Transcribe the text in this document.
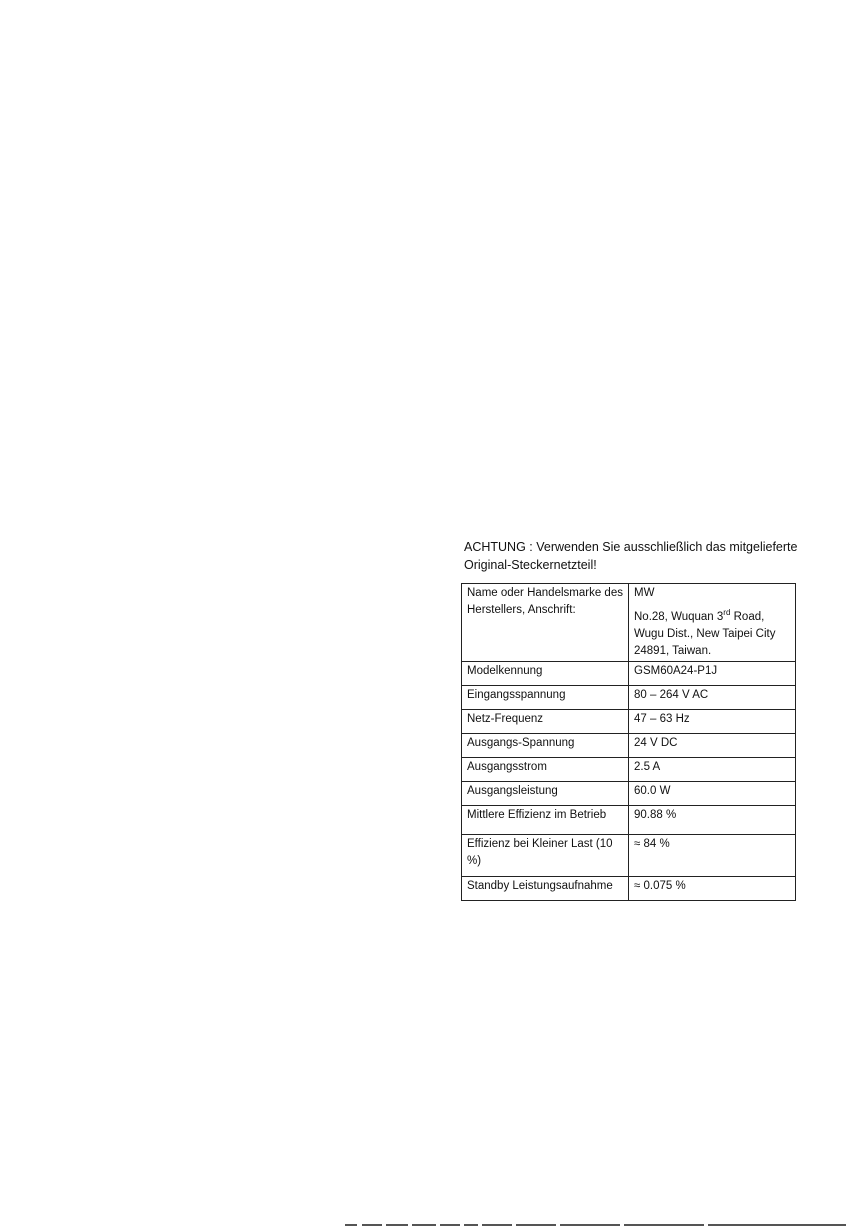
ACHTUNG : Verwenden Sie ausschließlich das mitgelieferte
Original-Steckernetzteil!

Name oder Handelsmarke des Herstellers, Anschrift:	MW
No.28, Wuquan 3rd Road, Wugu Dist., New Taipei City 24891, Taiwan.

Modelkennung	GSM60A24-P1J
Eingangsspannung	80 – 264 V AC
Netz-Frequenz	47 – 63 Hz
Ausgangs-Spannung	24 V DC
Ausgangsstrom	2.5 A
Ausgangsleistung	60.0 W
Mittlere Effizienz im Betrieb	90.88 %
Effizienz bei Kleiner Last (10 %)	≈ 84 %
Standby Leistungsaufnahme	≈ 0.075 %
